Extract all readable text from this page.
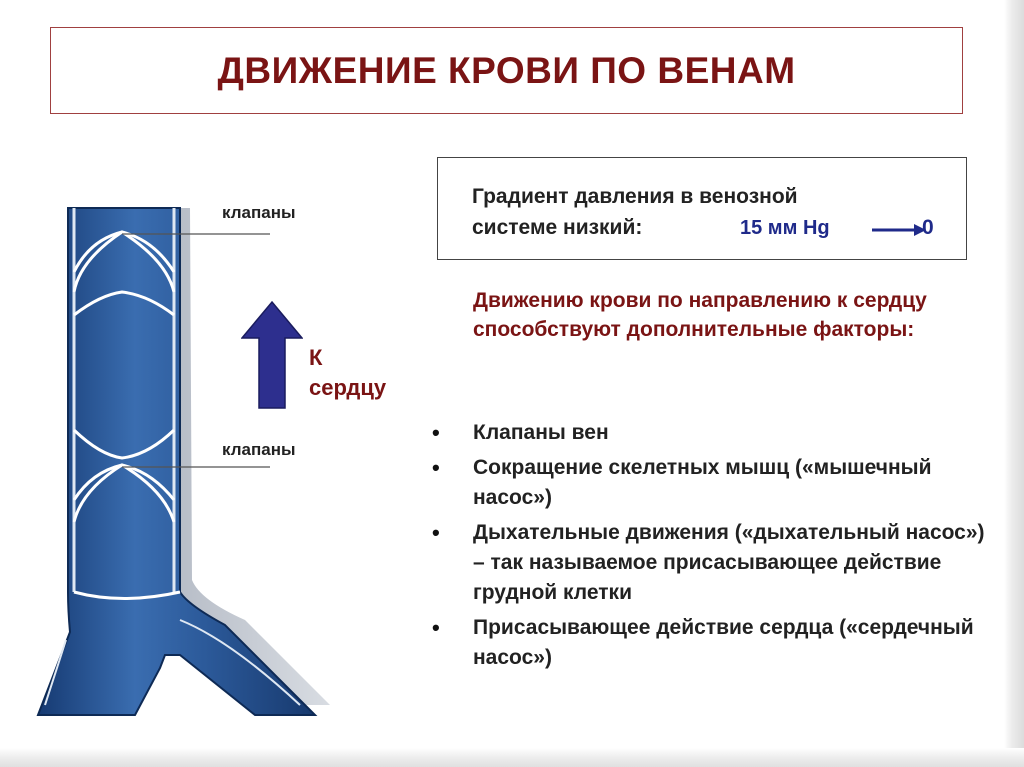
ДВИЖЕНИЕ КРОВИ ПО ВЕНАМ
клапаны
клапаны
К
сердцу
Градиент давления в венозной
системе низкий:	15 мм Hg	0
Движению крови по направлению к сердцу способствуют дополнительные факторы:
• Клапаны вен
• Сокращение скелетных мышц («мышечный насос»)
• Дыхательные движения («дыхательный насос») – так называемое присасывающее действие грудной клетки
• Присасывающее действие сердца («сердечный насос»)
